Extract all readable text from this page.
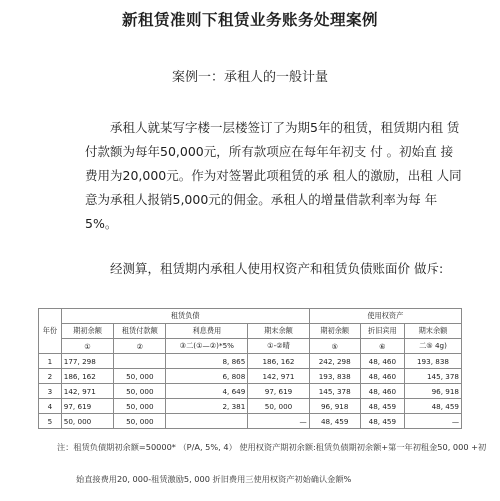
新租赁准则下租赁业务账务处理案例
案例一：承租人的一般计量

承租人就某写字楼一层楼签订了为期5年的租赁，租赁期内租 赁付款额为每年50,000元，所有款项应在每年年初支 付 。初始直 接费用为20,000元。作为对签署此项租赁的承 租人的激励，出租 人同意为承租人报销5,000元的佣金。承租人的增量借款利率为每 年5%。

经测算，租赁期内承租人使用权资产和租赁负债账面价 做斥:

年份	租赁负债				使用权资产		
	期初余额	租赁付款额	利息费用	期末余额	期初余额	折旧宾用	期末余额
	①	②	③二(①—②)*5%	①-②晴	⑤	⑥	二⑤ 4g)
1	177, 298		8, 865	186, 162	242, 298	48, 460	193, 838
2	186, 162	50, 000	6, 808	142, 971	193, 838	48, 460	145, 378
3	142, 971	50, 000	4, 649	97, 619	145, 378	48, 460	96, 918
4	97, 619	50, 000	2, 381	50, 000	96, 918	48, 459	48, 459
5	50, 000	50, 000		—	48, 459	48, 459	—
注：租赁负债期初余额=50000* （P/A, 5%, 4） 使用权资产期初余额:租赁负债期初余额+第一年初租金50, 000 +初
始直接费用20, 000-租赁激励5, 000 折旧费用三使用权资产初始确认金额%
